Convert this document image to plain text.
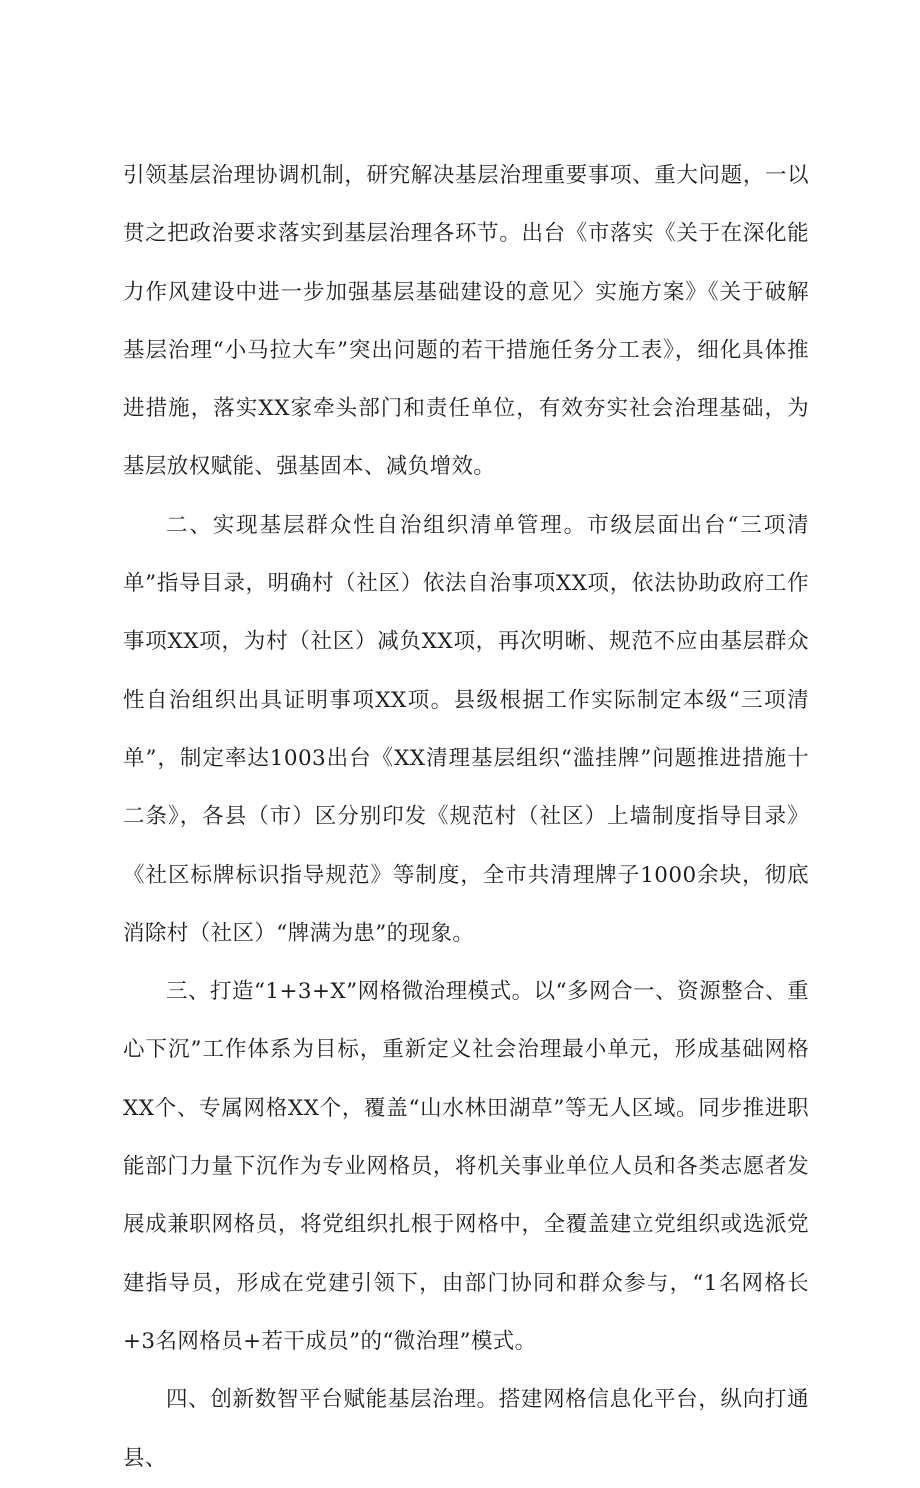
引领基层治理协调机制，研究解决基层治理重要事项、重大问题，一以贯之把政治要求落实到基层治理各环节。出台《市落实《关于在深化能力作风建设中进一步加强基层基础建设的意见〉实施方案》《关于破解基层治理“小马拉大车”突出问题的若干措施任务分工表》，细化具体推进措施，落实XX家牵头部门和责任单位，有效夯实社会治理基础，为基层放权赋能、强基固本、减负增效。

二、实现基层群众性自治组织清单管理。市级层面出台“三项清单”指导目录，明确村（社区）依法自治事项XX项，依法协助政府工作事项XX项，为村（社区）减负XX项，再次明晰、规范不应由基层群众性自治组织出具证明事项XX项。县级根据工作实际制定本级“三项清单”，制定率达1003出台《XX清理基层组织“滥挂牌”问题推进措施十二条》，各县（市）区分别印发《规范村（社区）上墙制度指导目录》《社区标牌标识指导规范》等制度，全市共清理牌子1000余块，彻底消除村（社区）“牌满为患”的现象。

三、打造“1+3+X”网格微治理模式。以“多网合一、资源整合、重心下沉”工作体系为目标，重新定义社会治理最小单元，形成基础网格XX个、专属网格XX个，覆盖“山水林田湖草”等无人区域。同步推进职能部门力量下沉作为专业网格员，将机关事业单位人员和各类志愿者发展成兼职网格员，将党组织扎根于网格中，全覆盖建立党组织或选派党建指导员，形成在党建引领下，由部门协同和群众参与，“1名网格长+3名网格员+若干成员”的“微治理”模式。

四、创新数智平台赋能基层治理。搭建网格信息化平台，纵向打通县、
